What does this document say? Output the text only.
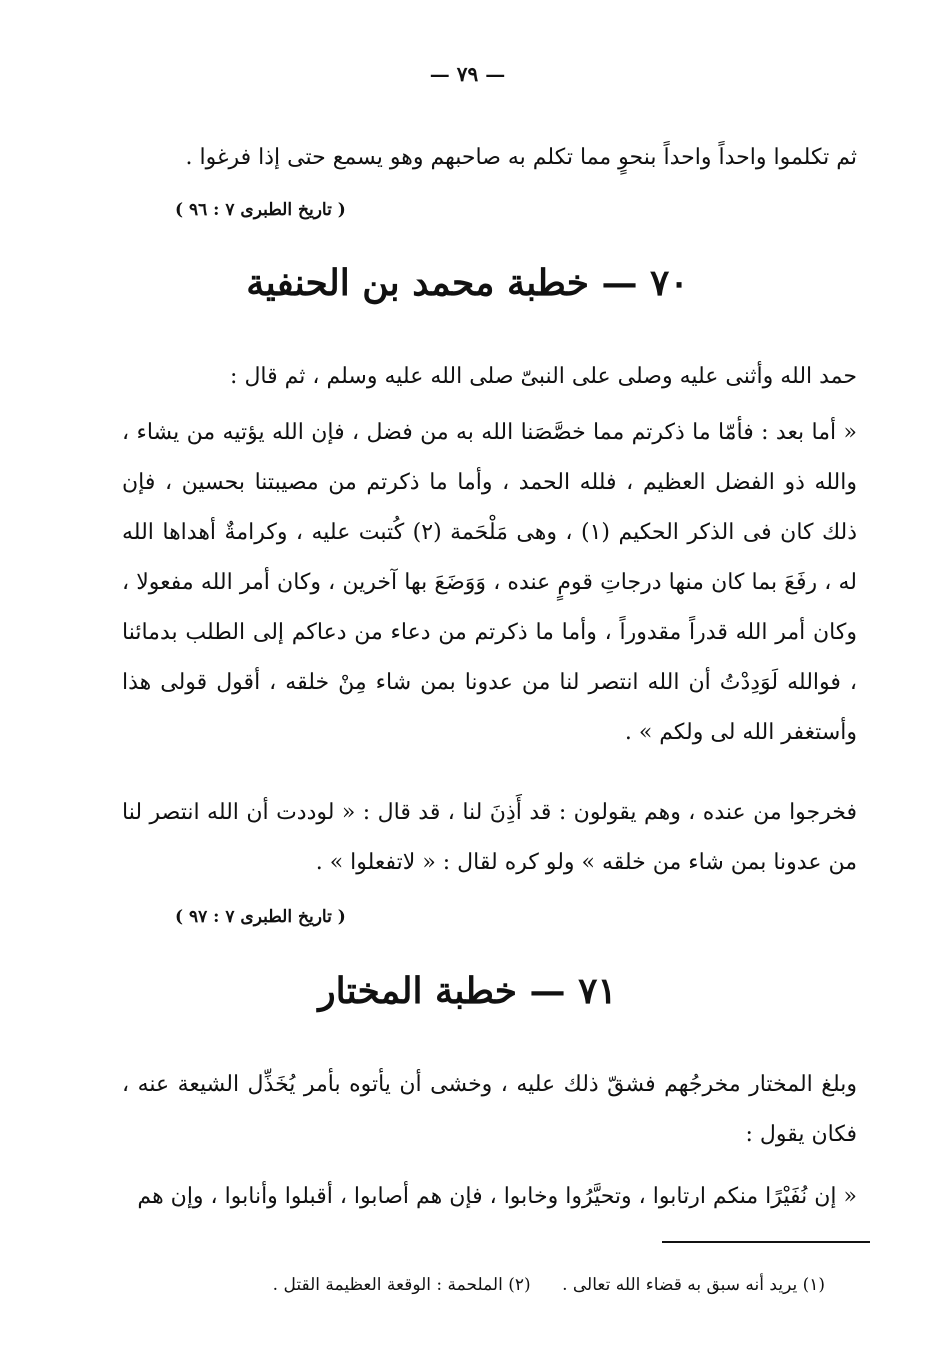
— ٧٩ —
ثم تكلموا واحداً واحداً بنحوٍ مما تكلم به صاحبهم وهو يسمع حتى إذا فرغوا .
( تاريخ الطبرى ٧ : ٩٦ )
٧٠ — خطبة محمد بن الحنفية
حمد الله وأثنى عليه وصلى على النبىّ صلى الله عليه وسلم ، ثم قال :
« أما بعد : فأمّا ما ذكرتم مما خصَّصَنا الله به من فضل ، فإن الله يؤتيه من يشاء ، والله ذو الفضل العظيم ، فلله الحمد ، وأما ما ذكرتم من مصيبتنا بحسين ، فإن ذلك كان فى الذكر الحكيم (١) ، وهى مَلْحَمة (٢) كُتبت عليه ، وكرامةٌ أهداها الله له ، رفَعَ بما كان منها درجاتِ قومٍ عنده ، وَوَضَعَ بها آخرين ، وكان أمر الله مفعولا ، وكان أمر الله قدراً مقدوراً ، وأما ما ذكرتم من دعاء من دعاكم إلى الطلب بدمائنا ، فوالله لَوَدِدْتُ أن الله انتصر لنا من عدونا بمن شاء مِنْ خلقه ، أقول قولى هذا وأستغفر الله لى ولكم » .
فخرجوا من عنده ، وهم يقولون : قد أَذِنَ لنا ، قد قال : « لوددت أن الله انتصر لنا من عدونا بمن شاء من خلقه » ولو كره لقال : « لاتفعلوا » .
( تاريخ الطبرى ٧ : ٩٧ )
٧١ — خطبة المختار
وبلغ المختار مخرجُهم فشقّ ذلك عليه ، وخشى أن يأتوه بأمر يُخَذِّل الشيعة عنه ، فكان يقول :
« إن نُفَيْرًا منكم ارتابوا ، وتحيَّرُوا وخابوا ، فإن هم أصابوا ، أقبلوا وأنابوا ، وإن هم
(١) يريد أنه سبق به قضاء الله تعالى . (٢) الملحمة : الوقعة العظيمة القتل .
